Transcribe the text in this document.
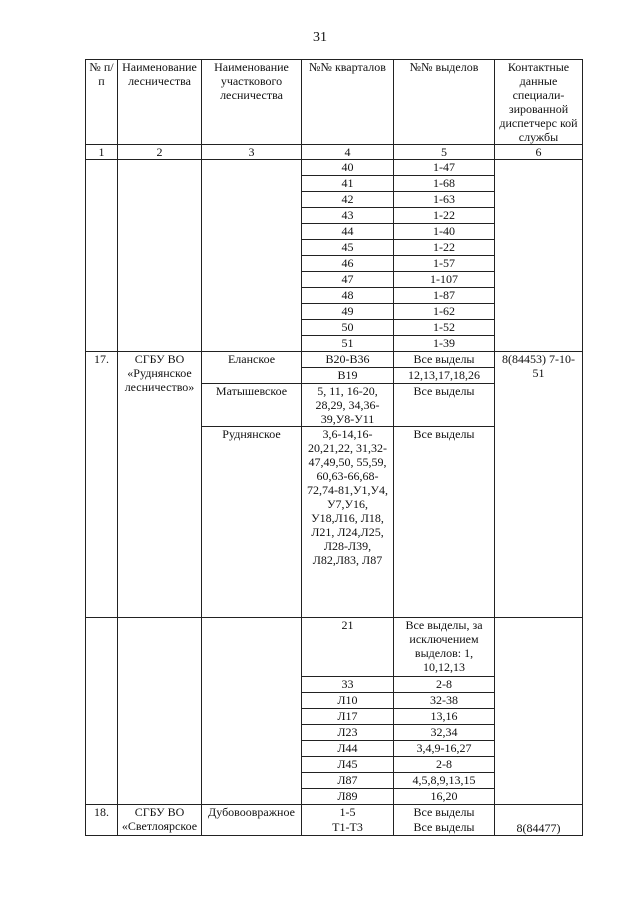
31
№ п/п	Наименование лесничества	Наименование участкового лесничества	№№ кварталов	№№ выделов	Контактные данные специали-зированной диспетчерс кой службы
1	2	3	4	5	6
			40	1-47	
			41	1-68	
			42	1-63	
			43	1-22	
			44	1-40	
			45	1-22	
			46	1-57	
			47	1-107	
			48	1-87	
			49	1-62	
			50	1-52	
			51	1-39	
17.	СГБУ ВО «Руднянское лесничество»	Еланское	В20-В36	Все выделы	8(84453) 7-10-51
			В19	12,13,17,18,26	
		Матышевское	5, 11, 16-20, 28,29, 34,36-39,У8-У11	Все выделы	
		Руднянское	3,6-14,16-20,21,22, 31,32-47,49,50, 55,59, 60,63-66,68-72,74-81,У1,У4, У7,У16, У18,Л16, Л18, Л21, Л24,Л25, Л28-Л39, Л82,Л83, Л87	Все выделы	
			21	Все выделы, за исключением выделов: 1, 10,12,13	
			33	2-8	
			Л10	32-38	
			Л17	13,16	
			Л23	32,34	
			Л44	3,4,9-16,27	
			Л45	2-8	
			Л87	4,5,8,9,13,15	
			Л89	16,20	
18.	СГБУ ВО «Светлоярское	Дубовоовражное	1-5	Все выделы	8(84477)
			Т1-Т3	Все выделы	
